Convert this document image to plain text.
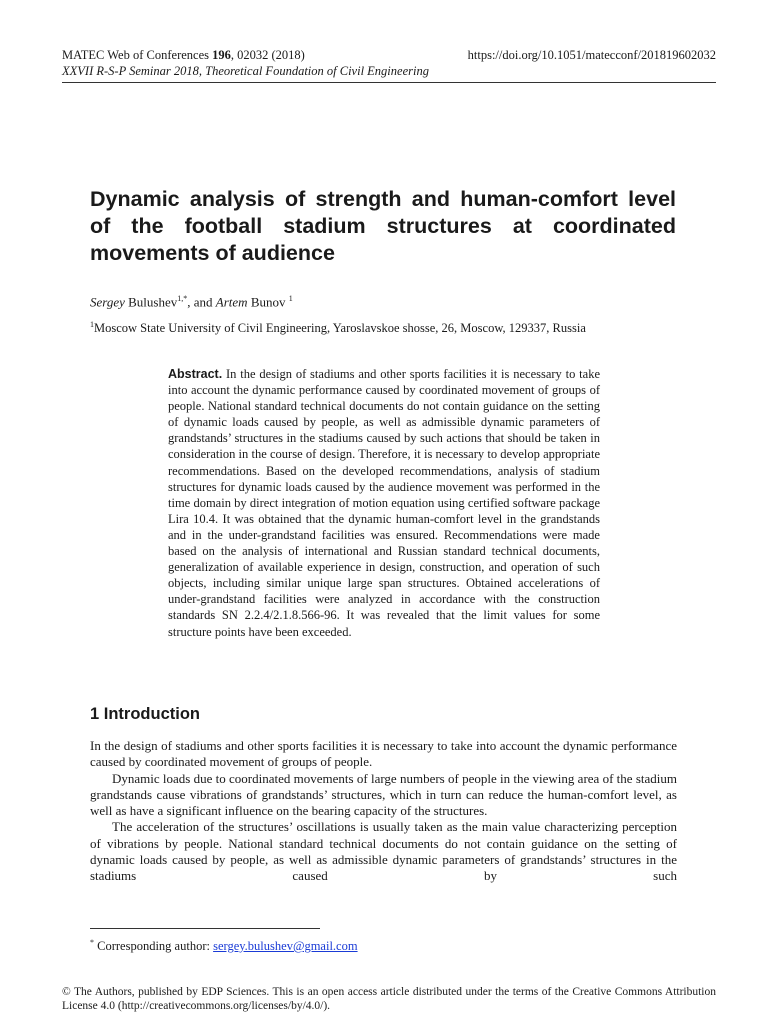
MATEC Web of Conferences 196, 02032 (2018)	https://doi.org/10.1051/matecconf/201819602032
XXVII R-S-P Seminar 2018, Theoretical Foundation of Civil Engineering
Dynamic analysis of strength and human-comfort level of the football stadium structures at coordinated movements of audience
Sergey Bulushev$^{1,*}$, and Artem Bunov $^1$
$^1$Moscow State University of Civil Engineering, Yaroslavskoe shosse, 26, Moscow, 129337, Russia
Abstract. In the design of stadiums and other sports facilities it is necessary to take into account the dynamic performance caused by coordinated movement of groups of people. National standard technical documents do not contain guidance on the setting of dynamic loads caused by people, as well as admissible dynamic parameters of grandstands’ structures in the stadiums caused by such actions that should be taken in consideration in the course of design. Therefore, it is necessary to develop appropriate recommendations. Based on the developed recommendations, analysis of stadium structures for dynamic loads caused by the audience movement was performed in the time domain by direct integration of motion equation using certified software package Lira 10.4. It was obtained that the dynamic human-comfort level in the grandstands and in the under-grandstand facilities was ensured. Recommendations were made based on the analysis of international and Russian standard technical documents, generalization of available experience in design, construction, and operation of such objects, including similar unique large span structures. Obtained accelerations of under-grandstand facilities were analyzed in accordance with the construction standards SN 2.2.4/2.1.8.566-96. It was revealed that the limit values for some structure points have been exceeded.
1 Introduction

In the design of stadiums and other sports facilities it is necessary to take into account the dynamic performance caused by coordinated movement of groups of people.

Dynamic loads due to coordinated movements of large numbers of people in the viewing area of the stadium grandstands cause vibrations of grandstands’ structures, which in turn can reduce the human-comfort level, as well as have a significant influence on the bearing capacity of the structures.

The acceleration of the structures’ oscillations is usually taken as the main value characterizing perception of vibrations by people. National standard technical documents do not contain guidance on the setting of dynamic loads caused by people, as well as admissible dynamic parameters of grandstands’ structures in the stadiums caused by such

* Corresponding author: sergey.bulushev@gmail.com
© The Authors, published by EDP Sciences. This is an open access article distributed under the terms of the Creative Commons Attribution License 4.0 (http://creativecommons.org/licenses/by/4.0/).
